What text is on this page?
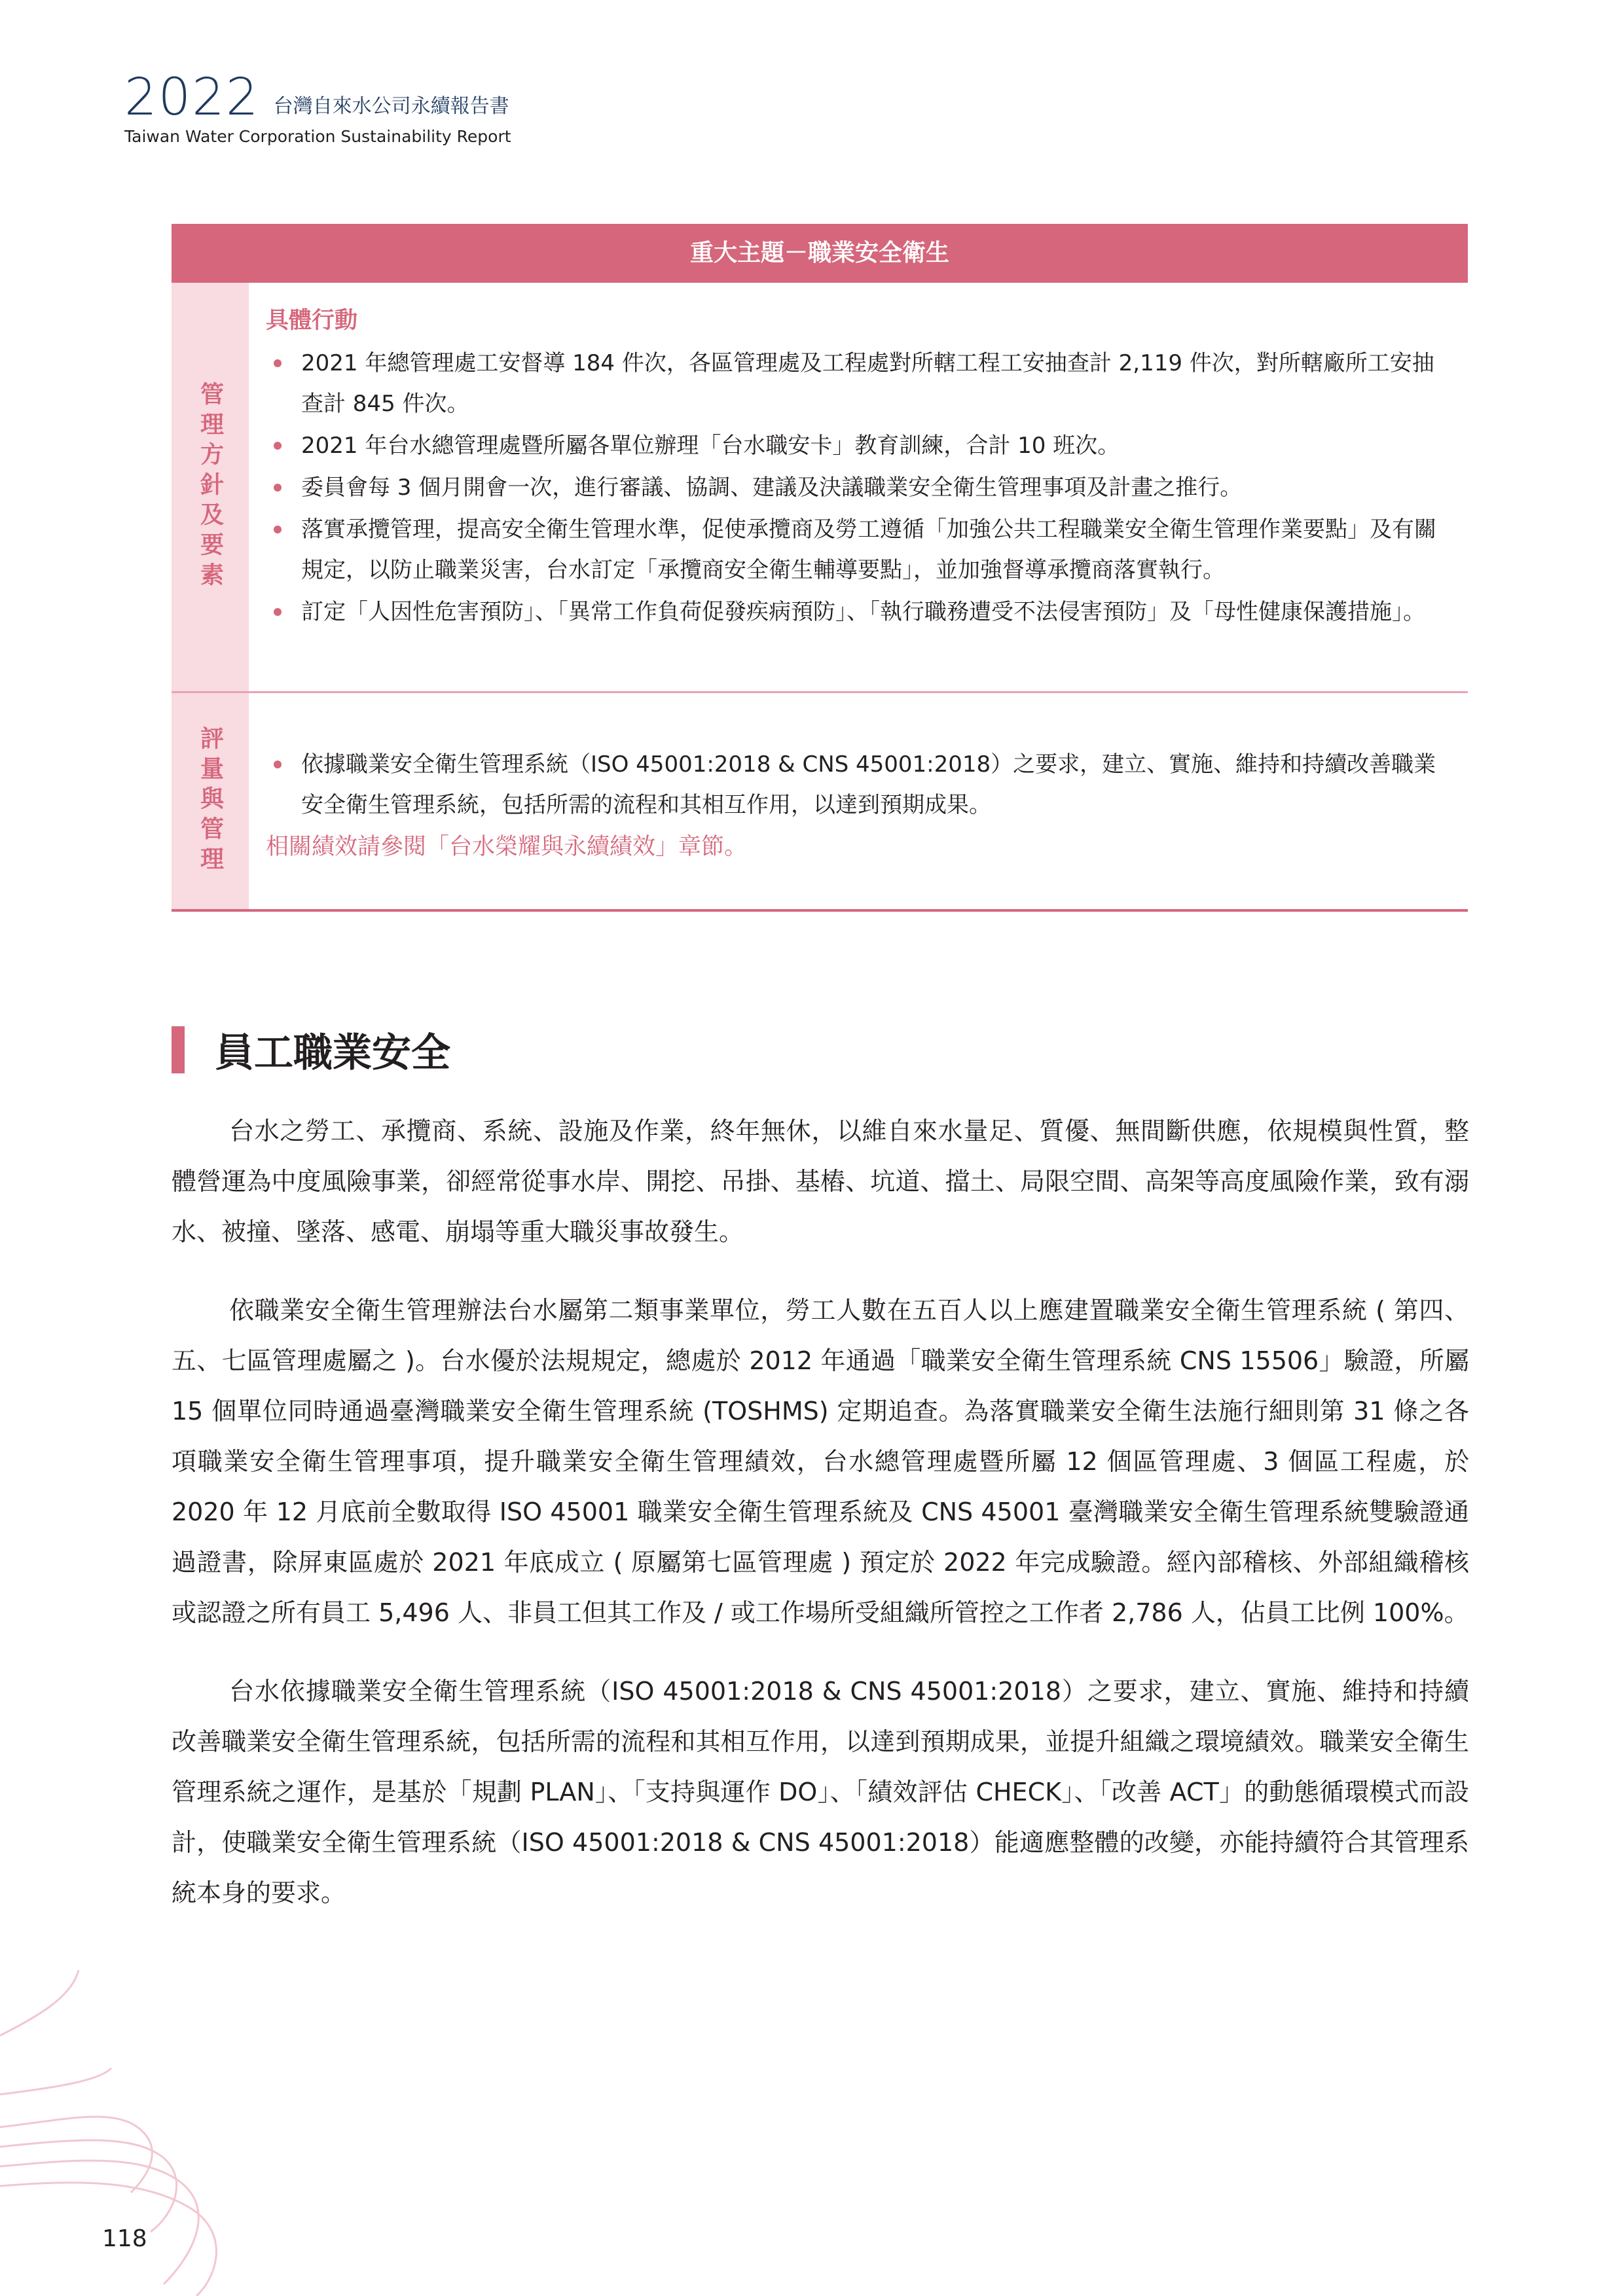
2022 台灣自來水公司永續報告書
Taiwan Water Corporation Sustainability Report
重大主題－職業安全衛生
管理方針及要素
具體行動
2021 年總管理處工安督導 184 件次，各區管理處及工程處對所轄工程工安抽查計 2,119 件次，對所轄廠所工安抽查計 845 件次。
2021 年台水總管理處暨所屬各單位辦理「台水職安卡」教育訓練，合計 10 班次。
委員會每 3 個月開會一次，進行審議、協調、建議及決議職業安全衛生管理事項及計畫之推行。
落實承攬管理，提高安全衛生管理水準，促使承攬商及勞工遵循「加強公共工程職業安全衛生管理作業要點」及有關規定，以防止職業災害，台水訂定「承攬商安全衛生輔導要點」，並加強督導承攬商落實執行。
訂定「人因性危害預防」、「異常工作負荷促發疾病預防」、「執行職務遭受不法侵害預防」及「母性健康保護措施」。
評量與管理	依據職業安全衛生管理系統（ISO 45001:2018 & CNS 45001:2018）之要求，建立、實施、維持和持續改善職業安全衛生管理系統，包括所需的流程和其相互作用，以達到預期成果。
相關績效請參閱「台水榮耀與永續績效」章節。
員工職業安全

台水之勞工、承攬商、系統、設施及作業，終年無休，以維自來水量足、質優、無間斷供應，依規模與性質，整體營運為中度風險事業，卻經常從事水岸、開挖、吊掛、基樁、坑道、擋土、局限空間、高架等高度風險作業，致有溺水、被撞、墜落、感電、崩塌等重大職災事故發生。

依職業安全衛生管理辦法台水屬第二類事業單位，勞工人數在五百人以上應建置職業安全衛生管理系統 ( 第四、五、七區管理處屬之 )。台水優於法規規定，總處於 2012 年通過「職業安全衛生管理系統 CNS 15506」驗證，所屬 15 個單位同時通過臺灣職業安全衛生管理系統 (TOSHMS) 定期追查。為落實職業安全衛生法施行細則第 31 條之各項職業安全衛生管理事項，提升職業安全衛生管理績效，台水總管理處暨所屬 12 個區管理處、3 個區工程處，於 2020 年 12 月底前全數取得 ISO 45001 職業安全衛生管理系統及 CNS 45001 臺灣職業安全衛生管理系統雙驗證通過證書，除屏東區處於 2021 年底成立 ( 原屬第七區管理處 ) 預定於 2022 年完成驗證。經內部稽核、外部組織稽核或認證之所有員工 5,496 人、非員工但其工作及 / 或工作場所受組織所管控之工作者 2,786 人，佔員工比例 100%。

台水依據職業安全衛生管理系統（ISO 45001:2018 & CNS 45001:2018）之要求，建立、實施、維持和持續改善職業安全衛生管理系統，包括所需的流程和其相互作用，以達到預期成果，並提升組織之環境績效。職業安全衛生管理系統之運作，是基於「規劃 PLAN」、「支持與運作 DO」、「績效評估 CHECK」、「改善 ACT」的動態循環模式而設計，使職業安全衛生管理系統（ISO 45001:2018 & CNS 45001:2018）能適應整體的改變，亦能持續符合其管理系統本身的要求。

118
